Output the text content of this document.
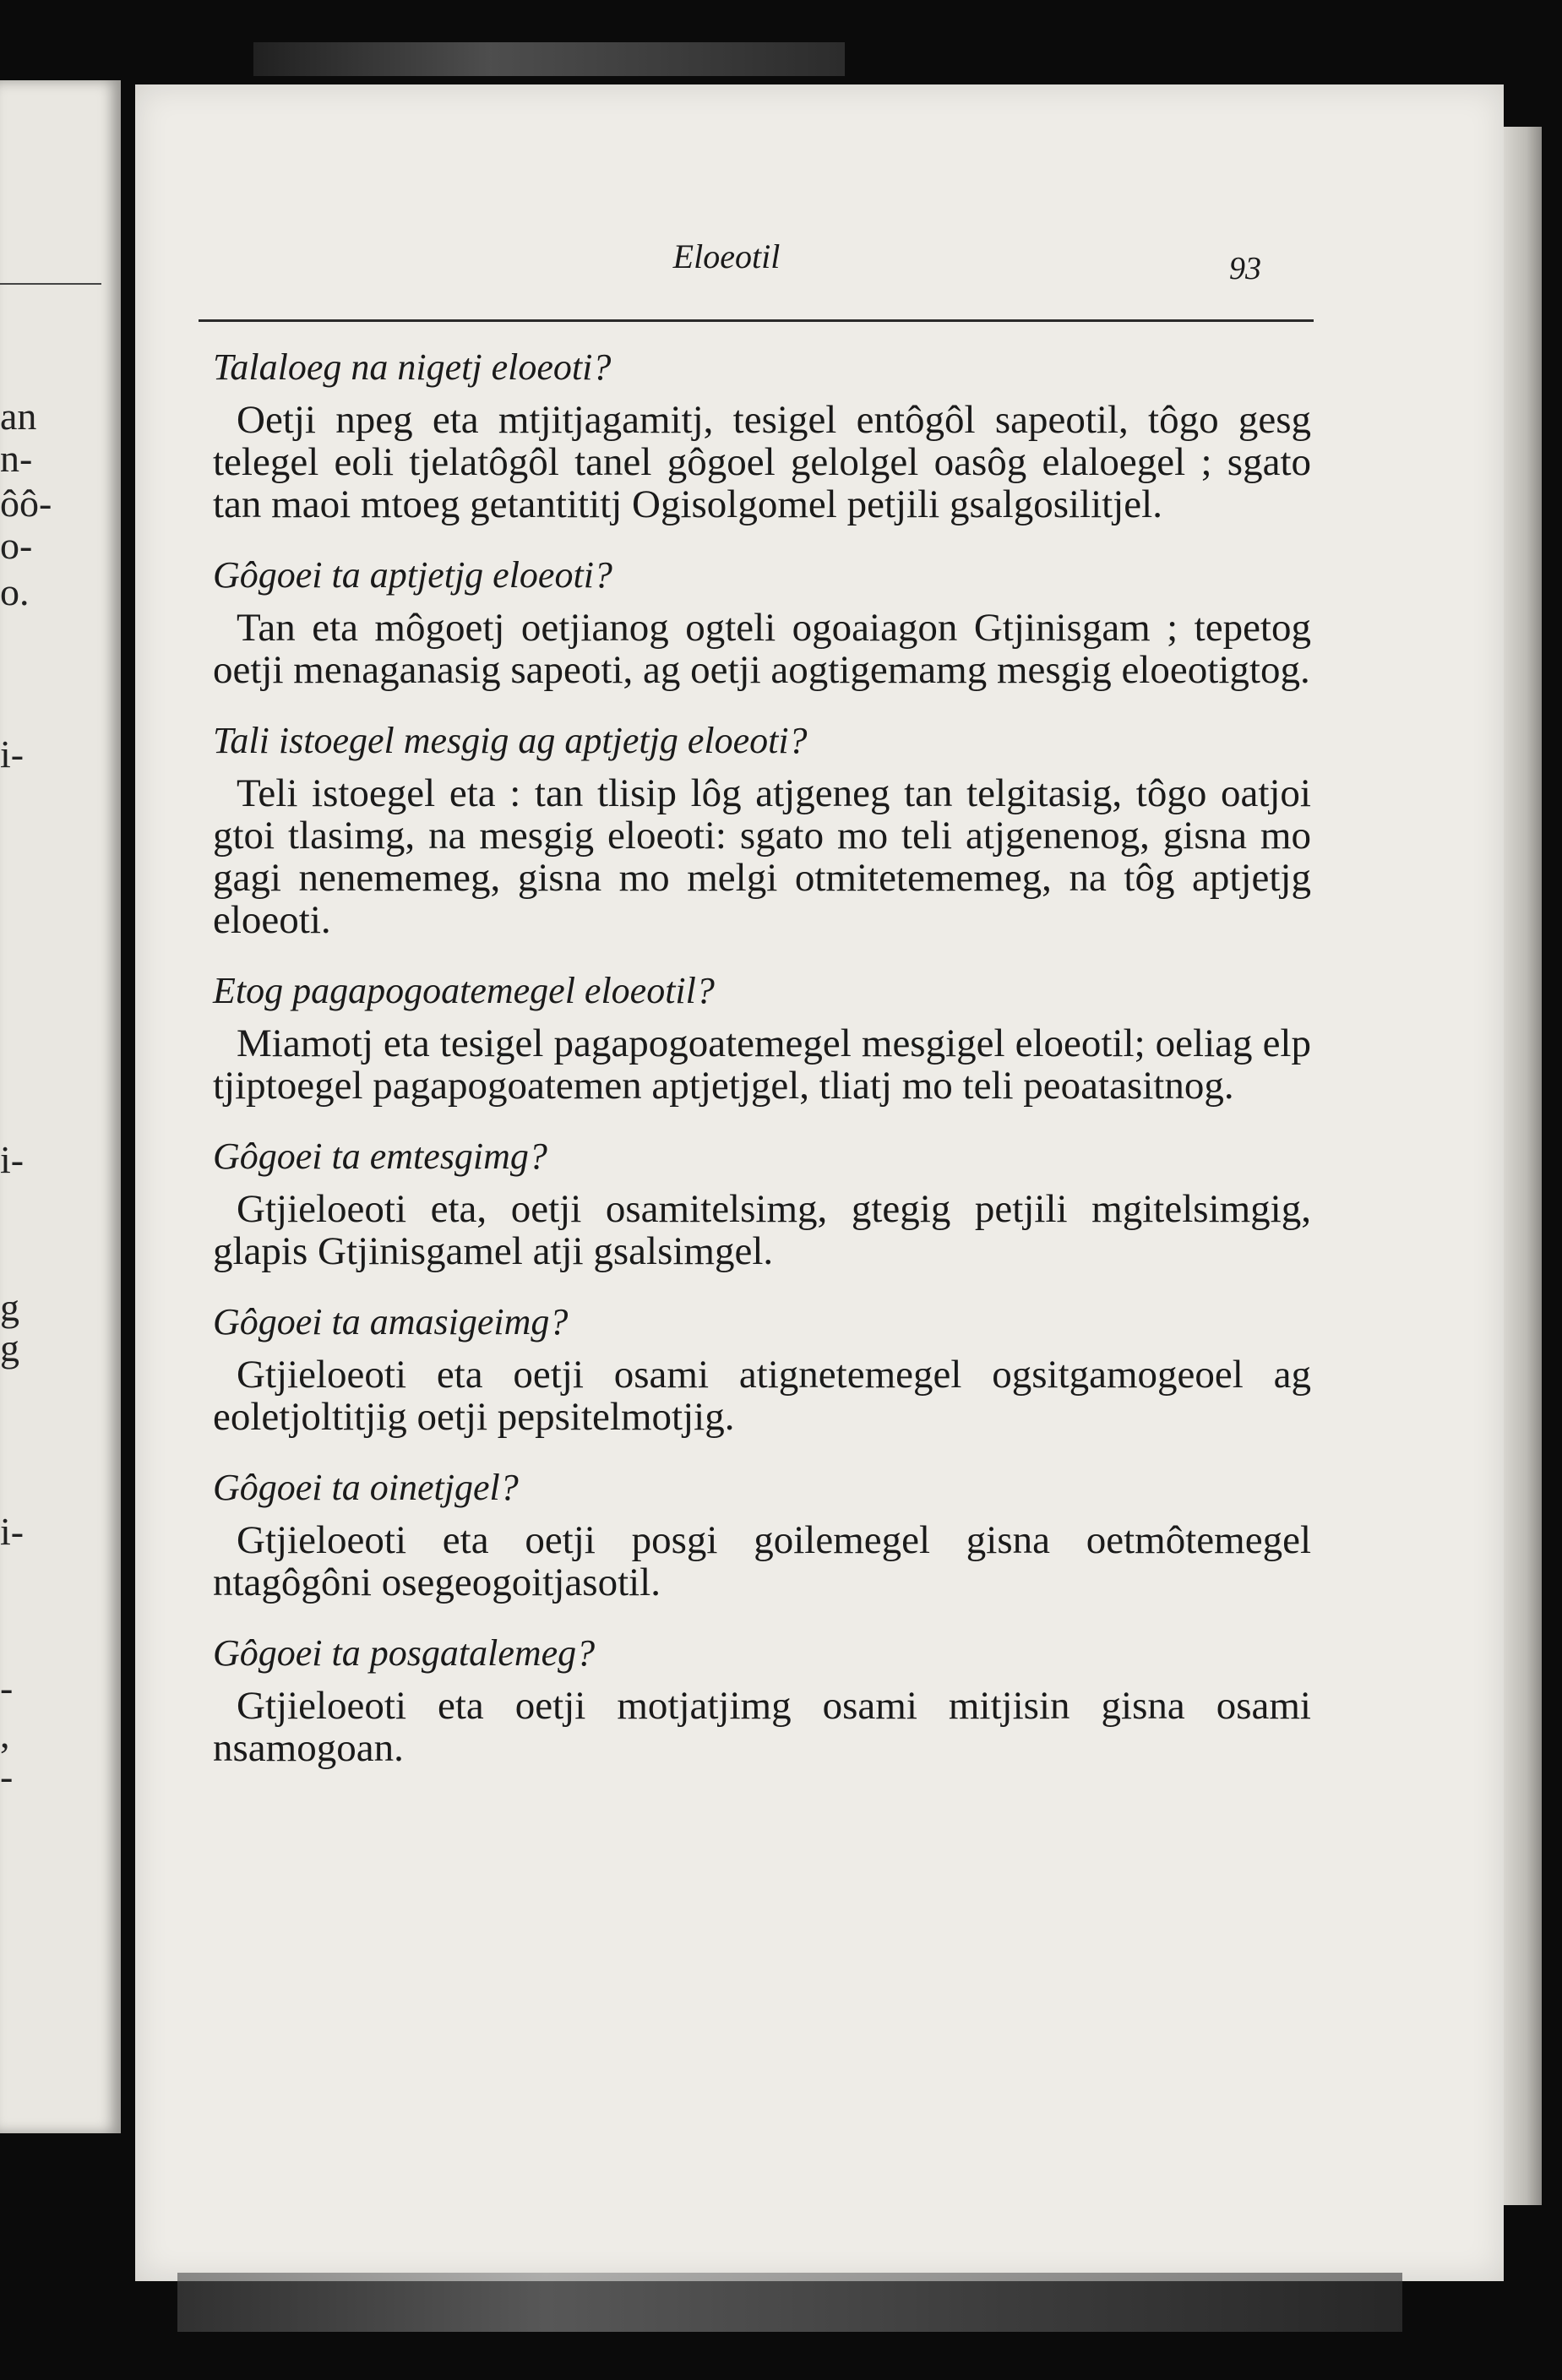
an
n-
ôô-
o-
o.
i-
i-
g
g
i-
-
,
-
Eloeotil	93

Talaloeg na nigetj eloeoti?

Oetji npeg eta mtjitjagamitj, tesigel entôgôl sapeotil, tôgo gesg telegel eoli tjelatôgôl tanel gôgoel gelolgel oasôg elaloegel ; sgato tan maoi mtoeg getantititj Ogisolgomel petjili gsalgosilitjel.

Gôgoei ta aptjetjg eloeoti?

Tan eta môgoetj oetjianog ogteli ogoaiagon Gtjinisgam ; tepetog oetji menaganasig sapeoti, ag oetji aogtigemamg mesgig eloeotigtog.

Tali istoegel mesgig ag aptjetjg eloeoti?

Teli istoegel eta : tan tlisip lôg atjgeneg tan telgitasig, tôgo oatjoi gtoi tlasimg, na mesgig eloeoti: sgato mo teli atjgenenog, gisna mo gagi nenememeg, gisna mo melgi otmitetememeg, na tôg aptjetjg eloeoti.

Etog pagapogoatemegel eloeotil?

Miamotj eta tesigel pagapogoatemegel mesgigel eloeotil; oeliag elp tjiptoegel pagapogoatemen aptjetjgel, tliatj mo teli peoatasitnog.

Gôgoei ta emtesgimg?

Gtjieloeoti eta, oetji osamitelsimg, gtegig petjili mgitelsimgig, glapis Gtjinisgamel atji gsalsimgel.

Gôgoei ta amasigeimg?

Gtjieloeoti eta oetji osami atignetemegel ogsitgamogeoel ag eoletjoltitjig oetji pepsitelmotjig.

Gôgoei ta oinetjgel?

Gtjieloeoti eta oetji posgi goilemegel gisna oetmôtemegel ntagôgôni osegeogoitjasotil.

Gôgoei ta posgatalemeg?

Gtjieloeoti eta oetji motjatjimg osami mitjisin gisna osami nsamogoan.
